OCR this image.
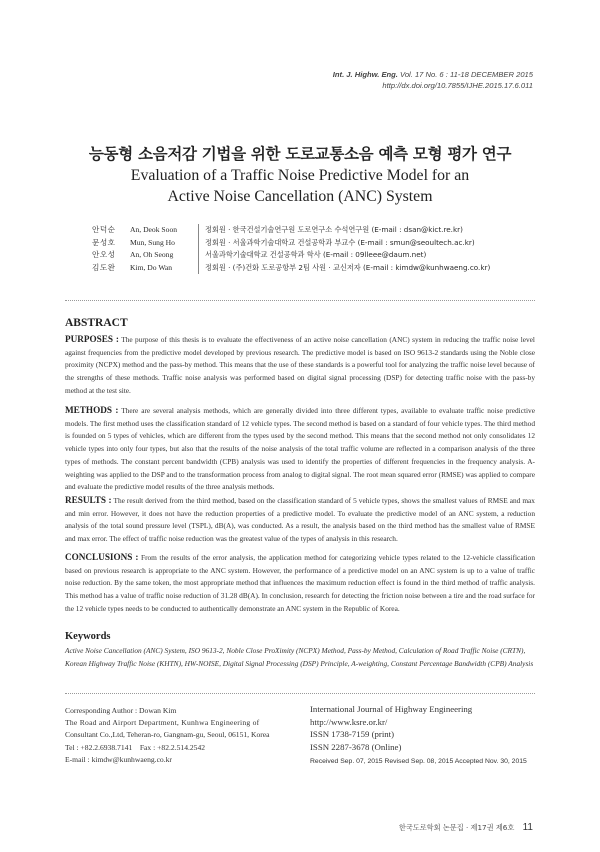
Int. J. Highw. Eng. Vol. 17 No. 6 : 11-18 DECEMBER 2015
http://dx.doi.org/10.7855/IJHE.2015.17.6.011
능동형 소음저감 기법을 위한 도로교통소음 예측 모형 평가 연구
Evaluation of a Traffic Noise Predictive Model for an
Active Noise Cancellation (ANC) System
안덕순	An, Deok Soon	정회원 · 한국건설기술연구원 도로연구소 수석연구원 (E-mail : dsan@kict.re.kr)
문성호	Mun, Sung Ho	정회원 · 서울과학기술대학교 건설공학과 부교수 (E-mail : smun@seoultech.ac.kr)
안오성	An, Oh Seong	서울과학기술대학교 건설공학과 학사 (E-mail : 09lleee@daum.net)
김도완	Kim, Do Wan	정회원 · (주)건화 도로공항부 2팀 사원 · 교신저자 (E-mail : kimdw@kunhwaeng.co.kr)
ABSTRACT
PURPOSES : The purpose of this thesis is to evaluate the effectiveness of an active noise cancellation (ANC) system in reducing the traffic noise level against frequencies from the predictive model developed by previous research. The predictive model is based on ISO 9613-2 standards using the Noble close proximity (NCPX) method and the pass-by method. This means that the use of these standards is a powerful tool for analyzing the traffic noise level because of the strengths of these methods. Traffic noise analysis was performed based on digital signal processing (DSP) for detecting traffic noise with the pass-by method at the test site.
METHODS : There are several analysis methods, which are generally divided into three different types, available to evaluate traffic noise predictive models. The first method uses the classification standard of 12 vehicle types. The second method is based on a standard of four vehicle types. The third method is founded on 5 types of vehicles, which are different from the types used by the second method. This means that the second method not only consolidates 12 vehicle types into only four types, but also that the results of the noise analysis of the total traffic volume are reflected in a comparison analysis of the three types of methods. The constant percent bandwidth (CPB) analysis was used to identify the properties of different frequencies in the frequency analysis. A-weighting was applied to the DSP and to the transformation process from analog to digital signal. The root mean squared error (RMSE) was applied to compare and evaluate the predictive model results of the three analysis methods.
RESULTS : The result derived from the third method, based on the classification standard of 5 vehicle types, shows the smallest values of RMSE and max and min error. However, it does not have the reduction properties of a predictive model. To evaluate the predictive model of an ANC system, a reduction analysis of the total sound pressure level (TSPL), dB(A), was conducted. As a result, the analysis based on the third method has the smallest value of RMSE and max error. The effect of traffic noise reduction was the greatest value of the types of analysis in this research.
CONCLUSIONS : From the results of the error analysis, the application method for categorizing vehicle types related to the 12-vehicle classification based on previous research is appropriate to the ANC system. However, the performance of a predictive model on an ANC system is up to a value of traffic noise reduction. By the same token, the most appropriate method that influences the maximum reduction effect is found in the third method of traffic analysis. This method has a value of traffic noise reduction of 31.28 dB(A). In conclusion, research for detecting the friction noise between a tire and the road surface for the 12 vehicle types needs to be conducted to authentically demonstrate an ANC system in the Republic of Korea.
Keywords
Active Noise Cancellation (ANC) System, ISO 9613-2, Noble Close ProXimity (NCPX) Method, Pass-by Method, Calculation of Road Traffic Noise (CRTN), Korean Highway Traffic Noise (KHTN), HW-NOISE, Digital Signal Processing (DSP) Principle, A-weighting, Constant Percentage Bandwidth (CPB) Analysis
Corresponding Author : Dowan Kim
The Road and Airport Department, Kunhwa Engineering of
Consultant Co.,Ltd, Teheran-ro, Gangnam-gu, Seoul, 06151, Korea
Tel : +82.2.6938.7141    Fax : +82.2.514.2542
E-mail : kimdw@kunhwaeng.co.kr
International Journal of Highway Engineering
http://www.ksre.or.kr/
ISSN 1738-7159 (print)
ISSN 2287-3678 (Online)
Received Sep. 07, 2015 Revised Sep. 08, 2015 Accepted Nov. 30, 2015
한국도로학회 논문집 · 제17권 제6호 11
